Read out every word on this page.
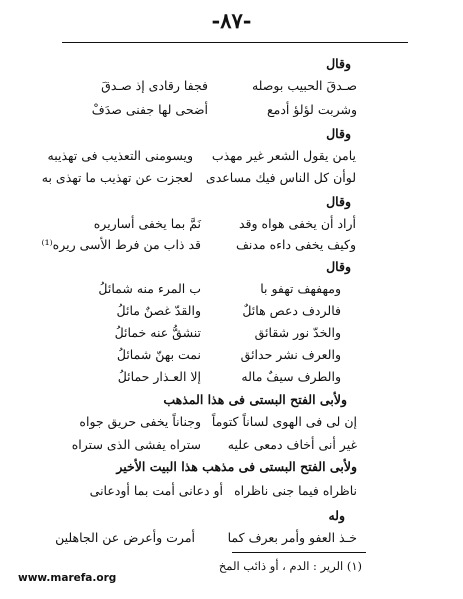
-٨٧-
وقال
صـدقَ الحبيب بوصله
فجفا رقادى إذ صـدقَ
وشربت لؤلؤ أدمع
أضحى لها جفنى صدَفْ
وقال
يامن يقول الشعر غير مهذب
ويسومنى التعذيب فى تهذيبه
لوأن كل الناس فيك مساعدى
لعجزت عن تهذيب ما تهذى به
وقال
أراد أن يخفى هواه وقد
نَمَّ بما يخفى أساريره
وكيف يخفى داءه مدنف
قد ذاب من فرط الأسى ريره⁽¹⁾
وقال
ومهفهف تهفو با
ب المرء منه شمائلُ
فالردف دعص هائلٌ
والقدّ غصنٌ مائلُ
والخدّ نور شقائق
تنشقُّ عنه خمائلُ
والعرف نشر حدائق
نمت بهنّ شمائلُ
والطرف سيفٌ ماله
إلا العـذار حمائلُ
ولأبى الفتح البستى فى هذا المذهب
إن لى فى الهوى لساناً كتوماً
وجناناً يخفى حريق جواه
غير أنى أخاف دمعى عليه
ستراه يفشى الذى ستراه
ولأبى الفتح البستى فى مذهب هذا البيت الأخير
ناظراه فيما جنى ناظراه
أو دعانى أمت بما أودعانى
وله
خـذ العفو وأمر بعرف كما
أمرت وأعرض عن الجاهلين
(١) الرير : الدم ، أو ذائب المخ
www.marefa.org
